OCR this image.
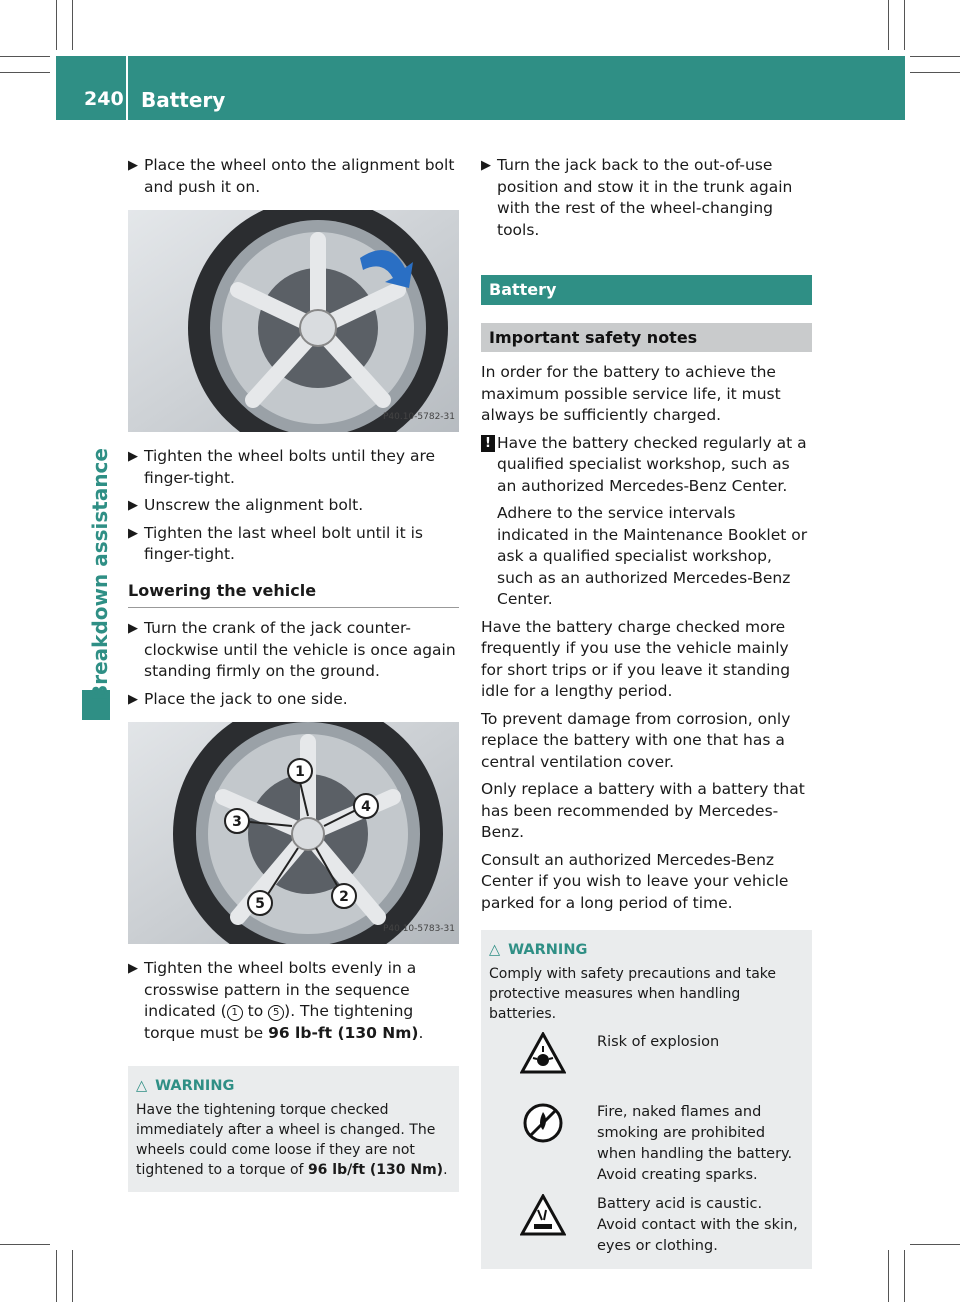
240 Battery
Breakdown assistance
▶ Place the wheel onto the alignment bolt and push it on.
P40.10-5782-31
▶ Tighten the wheel bolts until they are finger-tight.
▶ Unscrew the alignment bolt.
▶ Tighten the last wheel bolt until it is finger-tight.
Lowering the vehicle
▶ Turn the crank of the jack counter-clockwise until the vehicle is once again standing firmly on the ground.
▶ Place the jack to one side.
1
4
3
2
5
P40.10-5783-31
▶ Tighten the wheel bolts evenly in a crosswise pattern in the sequence indicated ( 1 to 5 ). The tightening torque must be 96 lb-ft (130 Nm).
△ WARNING
Have the tightening torque checked immediately after a wheel is changed. The wheels could come loose if they are not tightened to a torque of 96 lb/ft (130 Nm).
▶ Turn the jack back to the out-of-use position and stow it in the trunk again with the rest of the wheel-changing tools.
Battery
Important safety notes

In order for the battery to achieve the maximum possible service life, it must always be sufficiently charged.

! Have the battery checked regularly at a qualified specialist workshop, such as an authorized Mercedes-Benz Center.
Adhere to the service intervals indicated in the Maintenance Booklet or ask a qualified specialist workshop, such as an authorized Mercedes-Benz Center.

Have the battery charge checked more frequently if you use the vehicle mainly for short trips or if you leave it standing idle for a lengthy period.

To prevent damage from corrosion, only replace the battery with one that has a central ventilation cover.

Only replace a battery with a battery that has been recommended by Mercedes-Benz.

Consult an authorized Mercedes-Benz Center if you wish to leave your vehicle parked for a long period of time.

△ WARNING
Comply with safety precautions and take protective measures when handling batteries.
Risk of explosion
Fire, naked flames and smoking are prohibited when handling the battery. Avoid creating sparks.
Battery acid is caustic. Avoid contact with the skin, eyes or clothing.
